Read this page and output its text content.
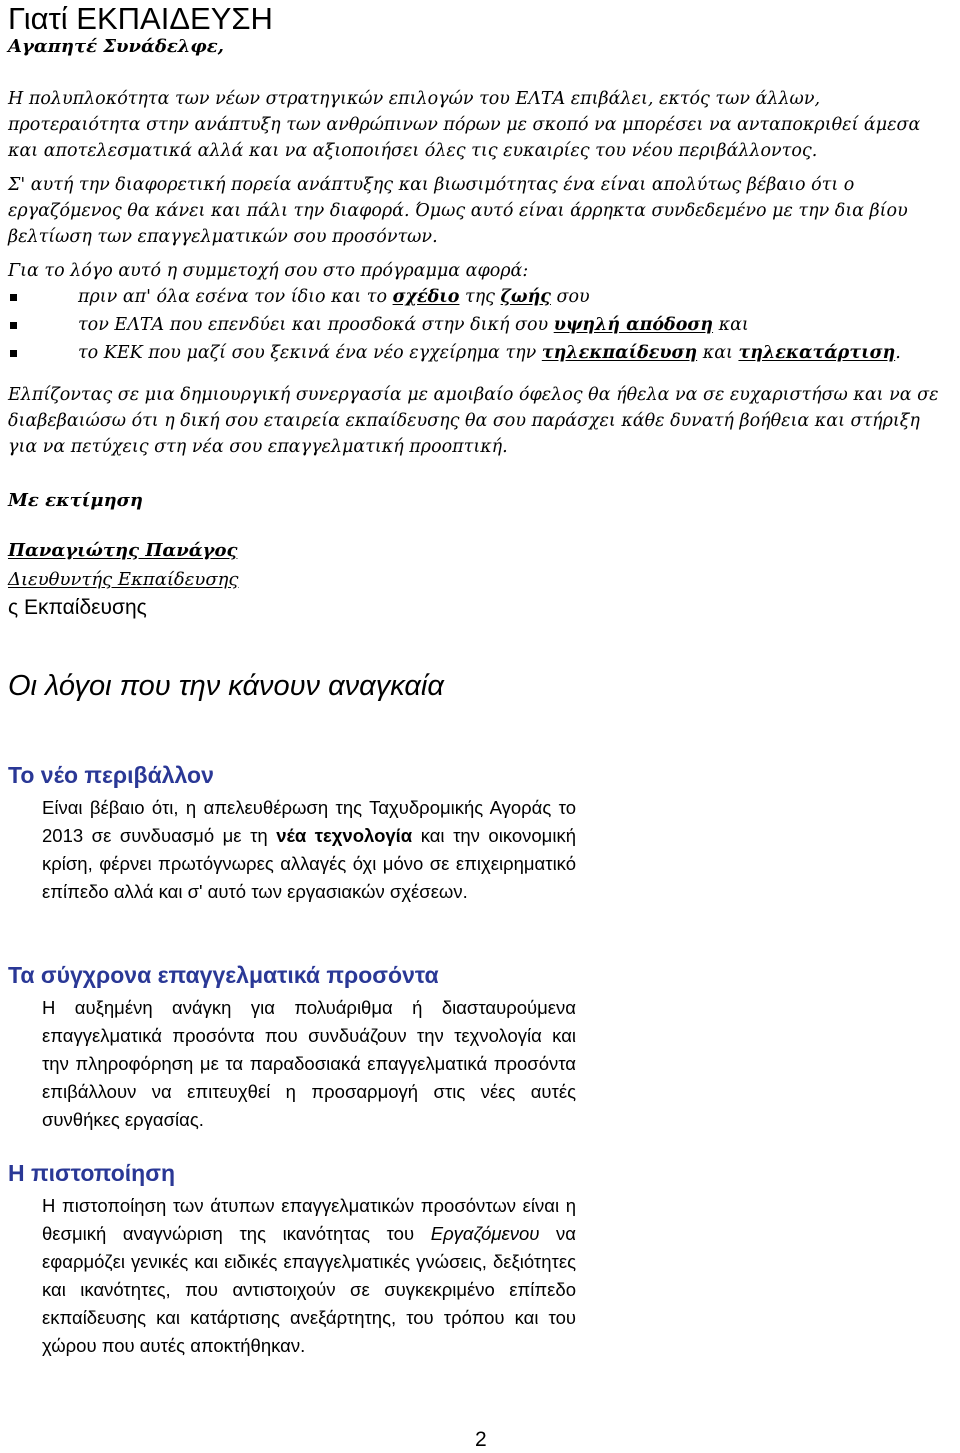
Γιατί ΕΚΠΑΙΔΕΥΣΗ
Αγαπητέ Συνάδελφε,
Η πολυπλοκότητα των νέων στρατηγικών επιλογών του ΕΛΤΑ επιβάλει, εκτός των άλλων, προτεραιότητα στην ανάπτυξη των ανθρώπινων πόρων με σκοπό να μπορέσει να ανταποκριθεί άμεσα και αποτελεσματικά αλλά και να αξιοποιήσει όλες τις ευκαιρίες του νέου περιβάλλοντος.
Σ' αυτή την διαφορετική πορεία ανάπτυξης και βιωσιμότητας ένα είναι απολύτως βέβαιο ότι ο εργαζόμενος θα κάνει και πάλι την διαφορά. Όμως αυτό είναι άρρηκτα συνδεδεμένο με την δια βίου βελτίωση των επαγγελματικών σου προσόντων.
Για το λόγο αυτό η συμμετοχή σου στο πρόγραμμα αφορά:
πριν απ' όλα εσένα τον ίδιο και το σχέδιο της ζωής σου
τον ΕΛΤΑ που επενδύει και προσδοκά στην δική σου υψηλή απόδοση και
το ΚΕΚ που μαζί σου ξεκινά ένα νέο εγχείρημα την τηλεκπαίδευση και τηλεκατάρτιση.
Ελπίζοντας σε μια δημιουργική συνεργασία με αμοιβαίο όφελος θα ήθελα να σε ευχαριστήσω και να σε διαβεβαιώσω ότι η δική σου εταιρεία εκπαίδευσης θα σου παράσχει κάθε δυνατή βοήθεια και στήριξη για να πετύχεις στη νέα σου επαγγελματική προοπτική.
Με εκτίμηση
Παναγιώτης Πανάγος
Διευθυντής Εκπαίδευσης
ς Εκπαίδευσης
Οι λόγοι που την κάνουν αναγκαία
Το νέο περιβάλλον
Είναι βέβαιο ότι, η απελευθέρωση της Ταχυδρομικής Αγοράς το 2013 σε συνδυασμό με τη νέα τεχνολογία και την οικονομική κρίση, φέρνει πρωτόγνωρες αλλαγές όχι μόνο σε επιχειρηματικό επίπεδο αλλά και σ' αυτό των εργασιακών σχέσεων.
Τα σύγχρονα επαγγελματικά προσόντα
Η αυξημένη ανάγκη για πολυάριθμα ή διασταυρούμενα επαγγελματικά προσόντα που συνδυάζουν την τεχνολογία και την πληροφόρηση με τα παραδοσιακά επαγγελματικά προσόντα επιβάλλουν να επιτευχθεί η προσαρμογή στις νέες αυτές συνθήκες εργασίας.
Η πιστοποίηση
Η πιστοποίηση των άτυπων επαγγελματικών προσόντων είναι η θεσμική αναγνώριση της ικανότητας του Εργαζόμενου να εφαρμόζει γενικές και ειδικές επαγγελματικές γνώσεις, δεξιότητες και ικανότητες, που αντιστοιχούν σε συγκεκριμένο επίπεδο εκπαίδευσης και κατάρτισης ανεξάρτητης, του τρόπου και του χώρου που αυτές αποκτήθηκαν.
2
